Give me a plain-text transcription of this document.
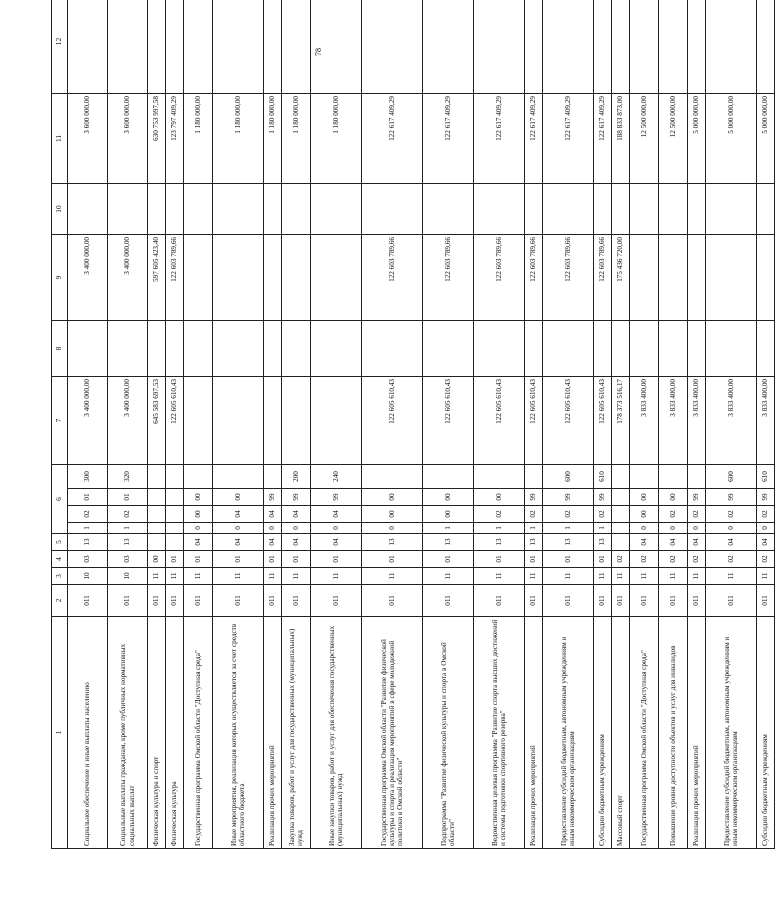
78
1	2	3	4	5	6				7	8	9	10	11	12
Социальное обеспечение и иные выплаты населению	011	10	03	13	1	02	01	300	3 400 000,00		3 400 000,00		3 600 000,00	
Социальные выплаты гражданам, кроме публичных нормативных социальных выплат	011	10	03	13	1	02	01	320	3 400 000,00		3 400 000,00		3 600 000,00	
Физическая культура и спорт	011	11	00						645 583 697,53		597 605 423,40		630 753 997,58	
Физическая культура	011	11	01						122 605 610,43		122 603 789,66		123 797 409,29	
Государственная программа Омской области "Доступная среда"	011	11	01	04	0	00	00						1 180 000,00	
Иные мероприятия, реализация которых осуществляется за счет средств областного бюджета	011	11	01	04	0	04	00						1 180 000,00	
Реализация прочих мероприятий	011	11	01	04	0	04	99						1 180 000,00	
Закупка товаров, работ и услуг для государственных (муниципальных) нужд	011	11	01	04	0	04	99	200					1 180 000,00	
Иные закупки товаров, работ и услуг для обеспечения государственных (муниципальных) нужд	011	11	01	04	0	04	99	240					1 180 000,00	
Государственная программа Омской области "Развитие физической культуры и спорта и реализация мероприятий в сфере молодежной политики в Омской области"	011	11	01	13	0	00	00		122 605 610,43		122 603 789,66		122 617 409,29	
Подпрограмма "Развитие физической культуры и спорта в Омской области"	011	11	01	13	1	00	00		122 605 610,43		122 603 789,66		122 617 409,29	
Ведомственная целевая программа "Развитие спорта высших достижений и системы подготовки спортивного резерва"	011	11	01	13	1	02	00		122 605 610,43		122 603 789,66		122 617 409,29	
Реализация прочих мероприятий	011	11	01	13	1	02	99		122 605 610,43		122 603 789,66		122 617 409,29	
Предоставление субсидий бюджетным, автономным учреждениям и иным некоммерческим организациям	011	11	01	13	1	02	99	600	122 605 610,43		122 603 789,66		122 617 409,29	
Субсидии бюджетным учреждениям	011	11	01	13	1	02	99	610	122 605 610,43		122 603 789,66		122 617 409,29	
Массовый спорт	011	11	02						178 373 516,17		175 436 720,00		188 833 873,00	
Государственная программа Омской области "Доступная среда"	011	11	02	04	0	00	00		3 833 400,00				12 500 000,00	
Повышение уровня доступности объектов и услуг для инвалидов	011	11	02	04	0	02	00		3 833 400,00				12 500 000,00	
Реализация прочих мероприятий	011	11	02	04	0	02	99		3 833 400,00				5 000 000,00	
Предоставление субсидий бюджетным, автономным учреждениям и иным некоммерческим организациям	011	11	02	04	0	02	99	600	3 833 400,00				5 000 000,00	
Субсидии бюджетным учреждениям	011	11	02	04	0	02	99	610	3 833 400,00				5 000 000,00	
